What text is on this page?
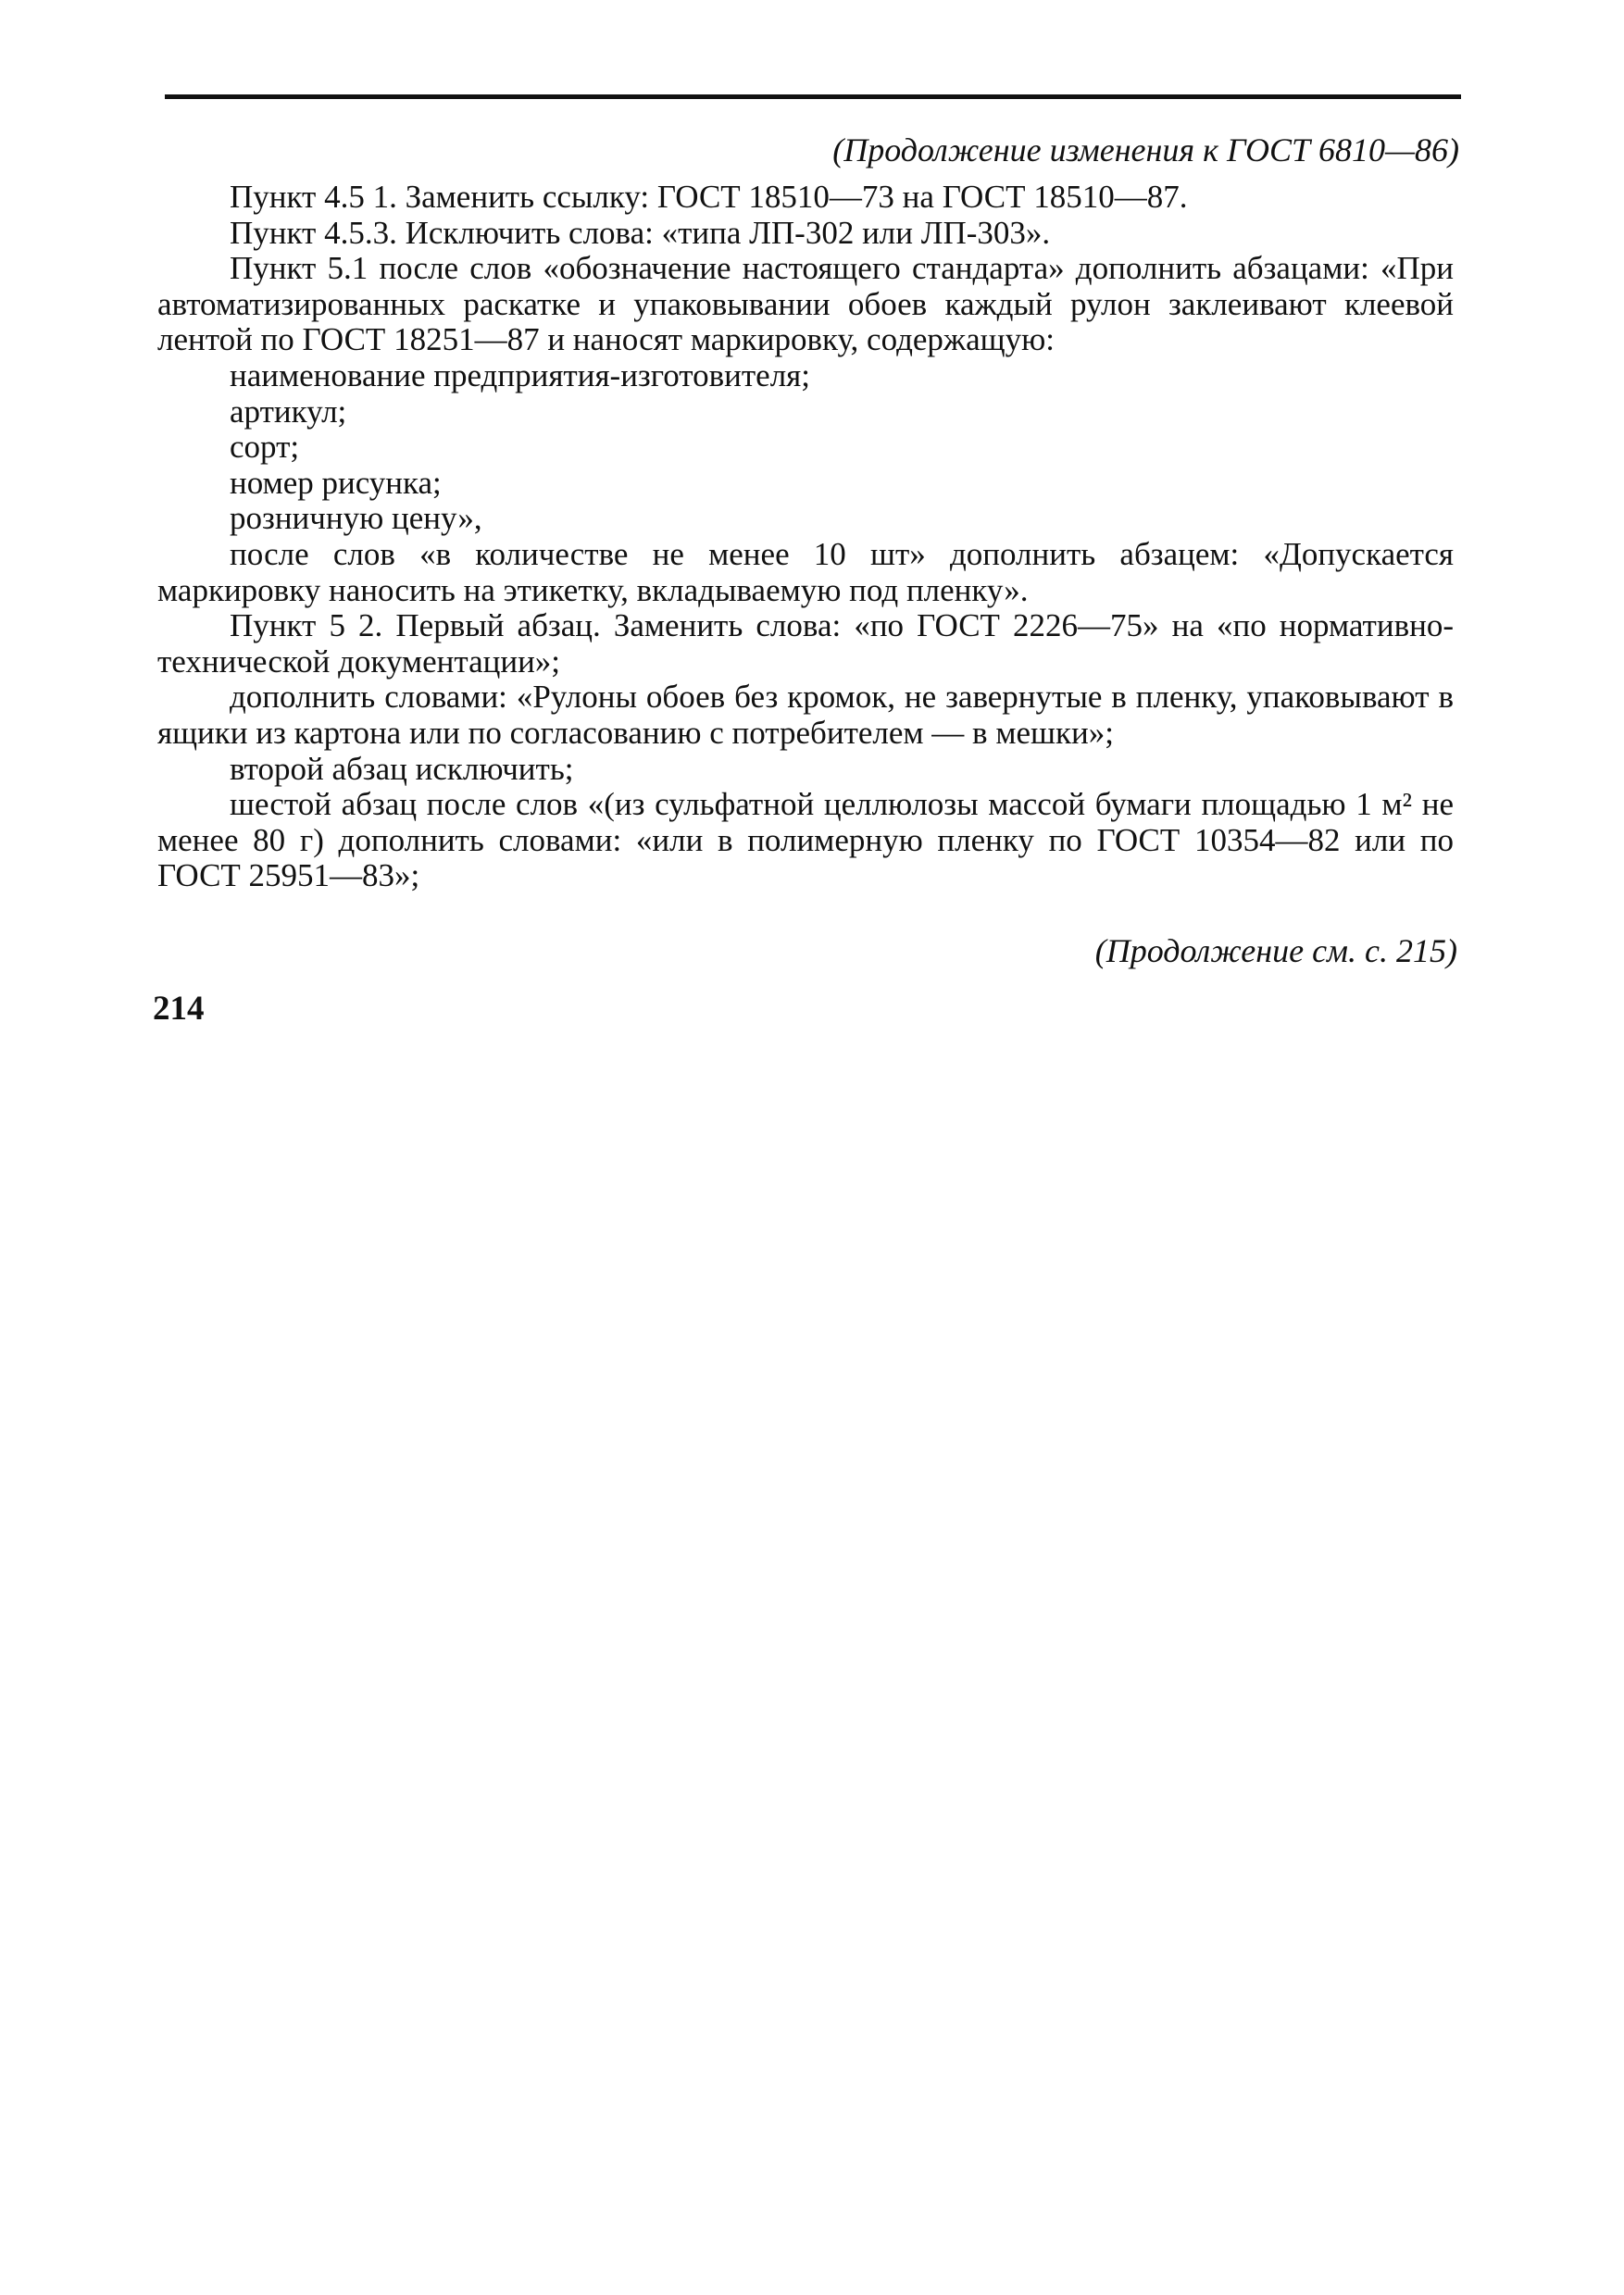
(Продолжение изменения к ГОСТ 6810—86)

Пункт 4.5 1. Заменить ссылку: ГОСТ 18510—73 на ГОСТ 18510—87.

Пункт 4.5.3. Исключить слова: «типа ЛП-302 или ЛП-303».

Пункт 5.1 после слов «обозначение настоящего стандарта» дополнить абзацами: «При автоматизированных раскатке и упаковывании обоев каждый рулон заклеивают клеевой лентой по ГОСТ 18251—87 и наносят маркировку, содержащую:

наименование предприятия-изготовителя;

артикул;

сорт;

номер рисунка;

розничную цену»,

после слов «в количестве не менее 10 шт» дополнить абзацем: «Допускается маркировку наносить на этикетку, вкладываемую под пленку».

Пункт 5 2. Первый абзац. Заменить слова: «по ГОСТ 2226—75» на «по нормативно-технической документации»;

дополнить словами: «Рулоны обоев без кромок, не завернутые в пленку, упаковывают в ящики из картона или по согласованию с потребителем — в мешки»;

второй абзац исключить;

шестой абзац после слов «(из сульфатной целлюлозы массой бумаги площадью 1 м² не менее 80 г) дополнить словами: «или в полимерную пленку по ГОСТ 10354—82 или по ГОСТ 25951—83»;

(Продолжение см. с. 215)
214
